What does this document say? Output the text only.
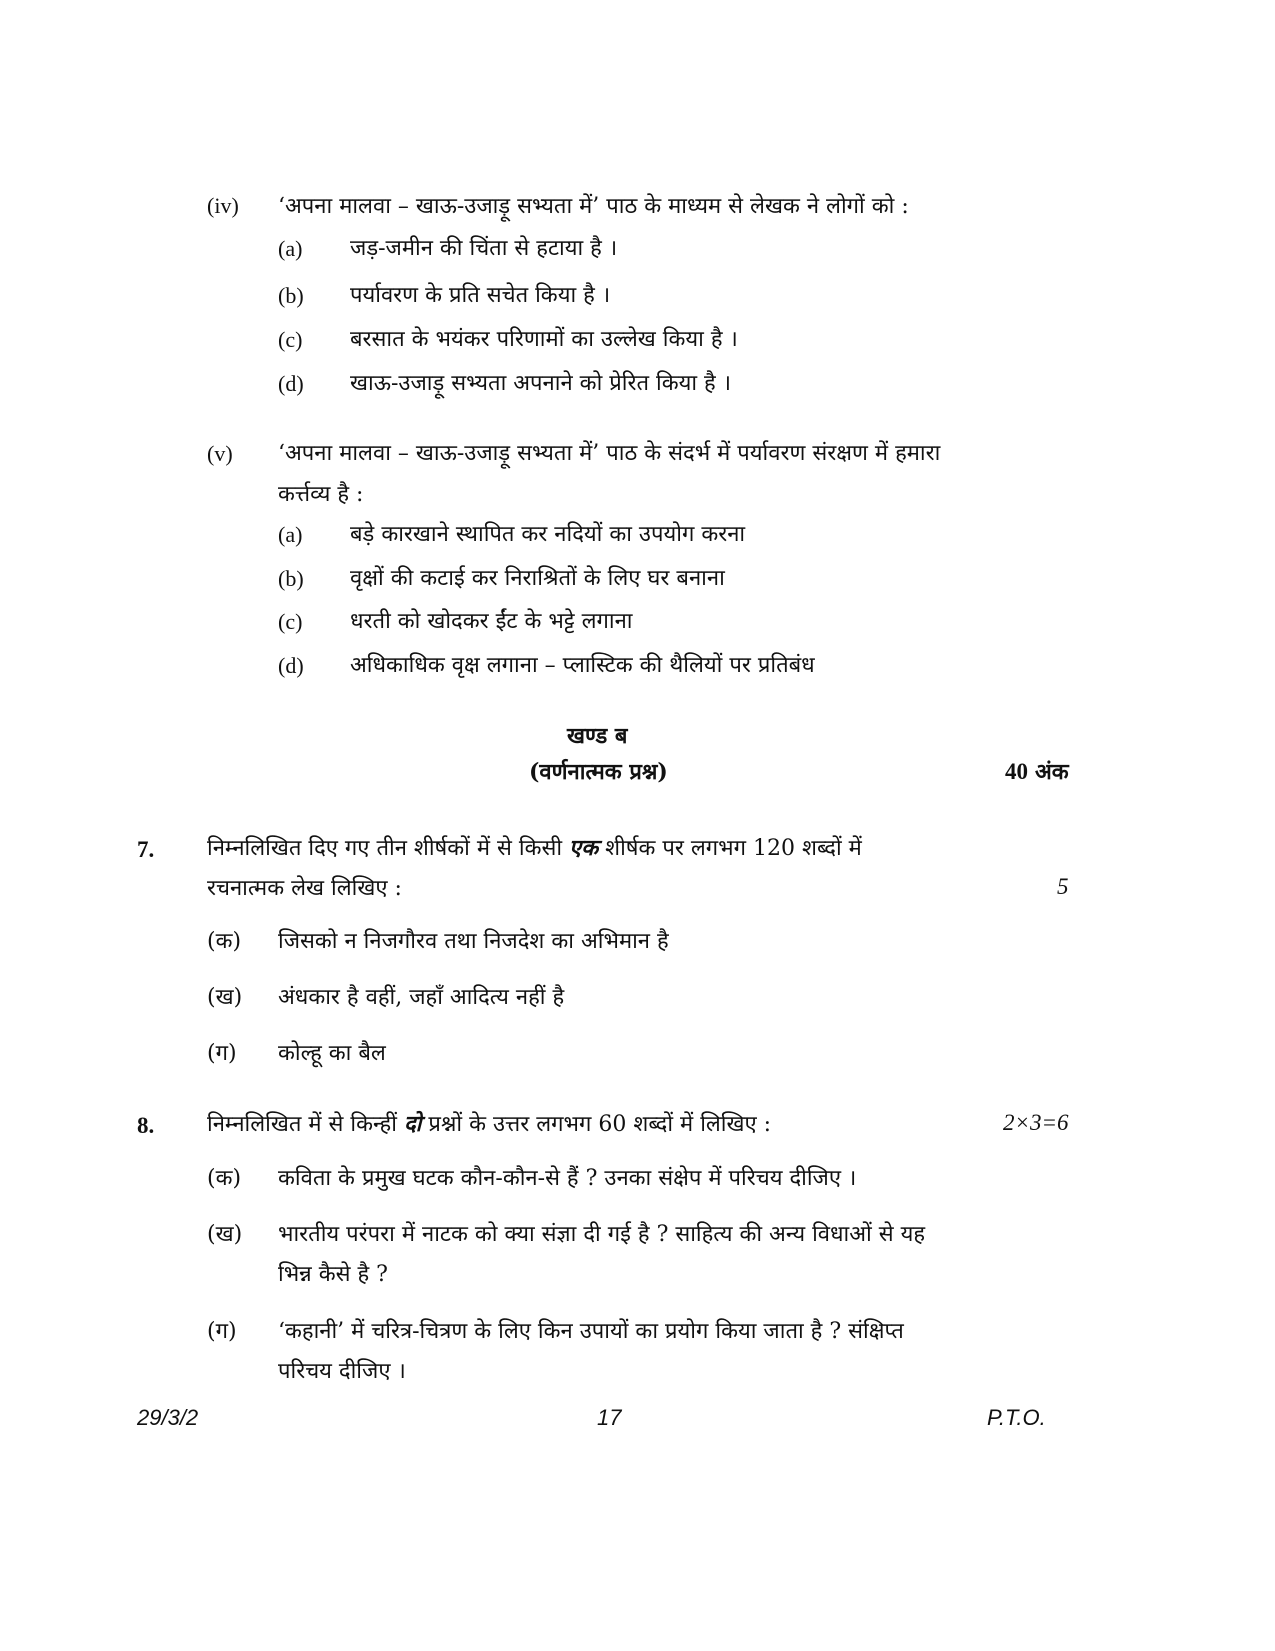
(iv) ‘अपना मालवा – खाऊ-उजाड़ू सभ्यता में’ पाठ के माध्यम से लेखक ने लोगों को :
(a) जड़-जमीन की चिंता से हटाया है ।
(b) पर्यावरण के प्रति सचेत किया है ।
(c) बरसात के भयंकर परिणामों का उल्लेख किया है ।
(d) खाऊ-उजाड़ू सभ्यता अपनाने को प्रेरित किया है ।
(v) ‘अपना मालवा – खाऊ-उजाड़ू सभ्यता में’ पाठ के संदर्भ में पर्यावरण संरक्षण में हमारा
कर्त्तव्य है :
(a) बड़े कारखाने स्थापित कर नदियों का उपयोग करना
(b) वृक्षों की कटाई कर निराश्रितों के लिए घर बनाना
(c) धरती को खोदकर ईंट के भट्टे लगाना
(d) अधिकाधिक वृक्ष लगाना – प्लास्टिक की थैलियों पर प्रतिबंध
खण्ड ब
(वर्णनात्मक प्रश्न)	40 अंक
7. निम्नलिखित दिए गए तीन शीर्षकों में से किसी एक शीर्षक पर लगभग 120 शब्दों में
रचनात्मक लेख लिखिए :	5
(क) जिसको न निजगौरव तथा निजदेश का अभिमान है
(ख) अंधकार है वहीं, जहाँ आदित्य नहीं है
(ग) कोल्हू का बैल
8. निम्नलिखित में से किन्हीं दो प्रश्नों के उत्तर लगभग 60 शब्दों में लिखिए :	2×3=6
(क) कविता के प्रमुख घटक कौन-कौन-से हैं ? उनका संक्षेप में परिचय दीजिए ।
(ख) भारतीय परंपरा में नाटक को क्या संज्ञा दी गई है ? साहित्य की अन्य विधाओं से यह
भिन्न कैसे है ?
(ग) ‘कहानी’ में चरित्र-चित्रण के लिए किन उपायों का प्रयोग किया जाता है ? संक्षिप्त
परिचय दीजिए ।
29/3/2	17	P.T.O.
